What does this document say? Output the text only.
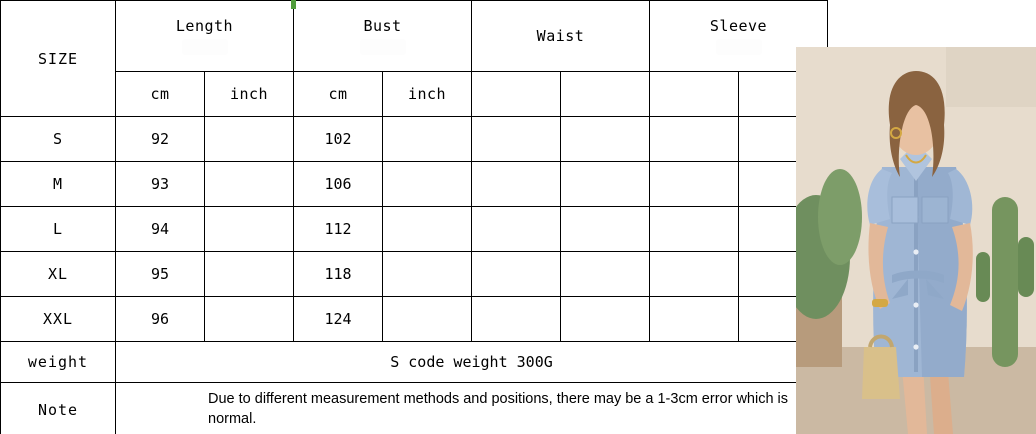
SIZE	Length		Bust		Waist		Sleeve	

	cm	inch	cm	inch				
S	92		102					
M	93		106					
L	94		112					
XL	95		118					
XXL	96		124					
weight	S code weight 300G							
Note	Due to different measurement methods and positions, there may be a 1-3cm error which is normal.							
